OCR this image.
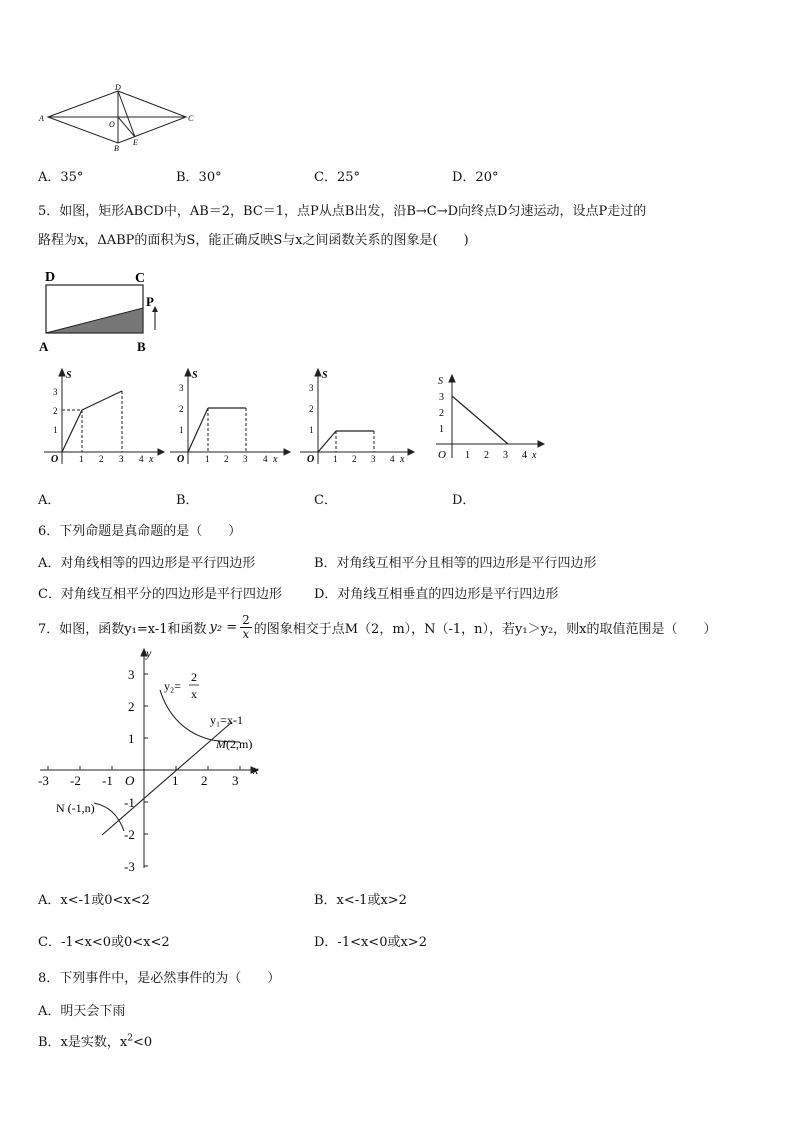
A
D
C
O
B
E
A．35°	B．30°	C．25°	D．20°
5．如图，矩形ABCD中，AB＝2，BC＝1，点P从点B出发，沿B→C→D向终点D匀速运动，设点P走过的
路程为x，ΔABP的面积为S，能正确反映S与x之间函数关系的图象是(　　)
D	C
P
A	B
S
3
2
1
O 1 2 3 4 x
S
3
2
1
O 1 2 3 4 x
S
3
2
1
O 1 2 3 4 x
S
3
2
1
O 1 2 3 4 x
A．	B．	C．	D．
6．下列命题是真命题的是（　　）
A．对角线相等的四边形是平行四边形	B．对角线互相平分且相等的四边形是平行四边形
C．对角线互相平分的四边形是平行四边形 D．对角线互相垂直的四边形是平行四边形
7．如图，函数y₁=x-1和函数 $y_2 = \frac{2}{x}$ 的图象相交于点M（2，m），N（-1，n），若y₁＞y₂，则x的取值范围是（　　）
y
x
O
-3 -2 -1	1 2 3
3
2
1
-1
-2
-3
y₂=
2
x
y₁=x-1
M (2,m)
N (-1,n)
A．x<-1或0<x<2	B．x<-1或x>2
C．-1<x<0或0<x<2	D．-1<x<0或x>2
8．下列事件中，是必然事件的为（　　）
A．明天会下雨
B．x是实数，$x^2<0$
